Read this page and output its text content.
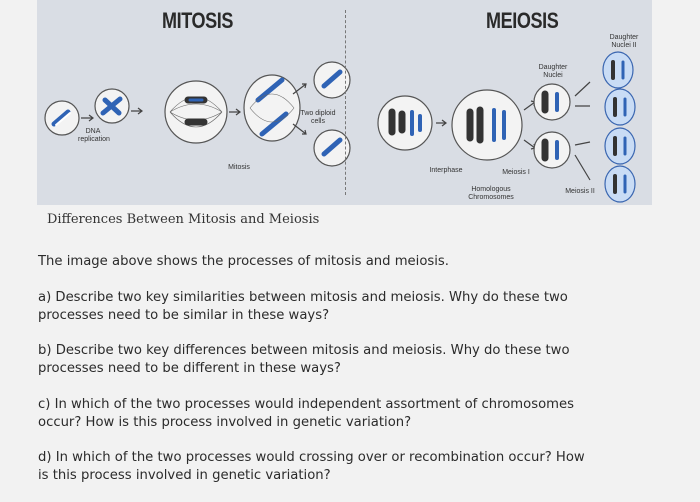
MITOSIS	MEIOSIS
DNA
replication
Mitosis
Two diploid
cells
Interphase	Meiosis I
Meiosis II
Homologous
Chromosomes
Daughter
Nuclei
Daughter
Nuclei II
Differences Between Mitosis and Meiosis
The image above shows the processes of mitosis and meiosis.
a) Describe two key similarities between mitosis and meiosis. Why do these two
processes need to be similar in these ways?
b) Describe two key differences between mitosis and meiosis. Why do these two
processes need to be different in these ways?
c) In which of the two processes would independent assortment of chromosomes
occur? How is this process involved in genetic variation?
d) In which of the two processes would crossing over or recombination occur? How
is this process involved in genetic variation?
